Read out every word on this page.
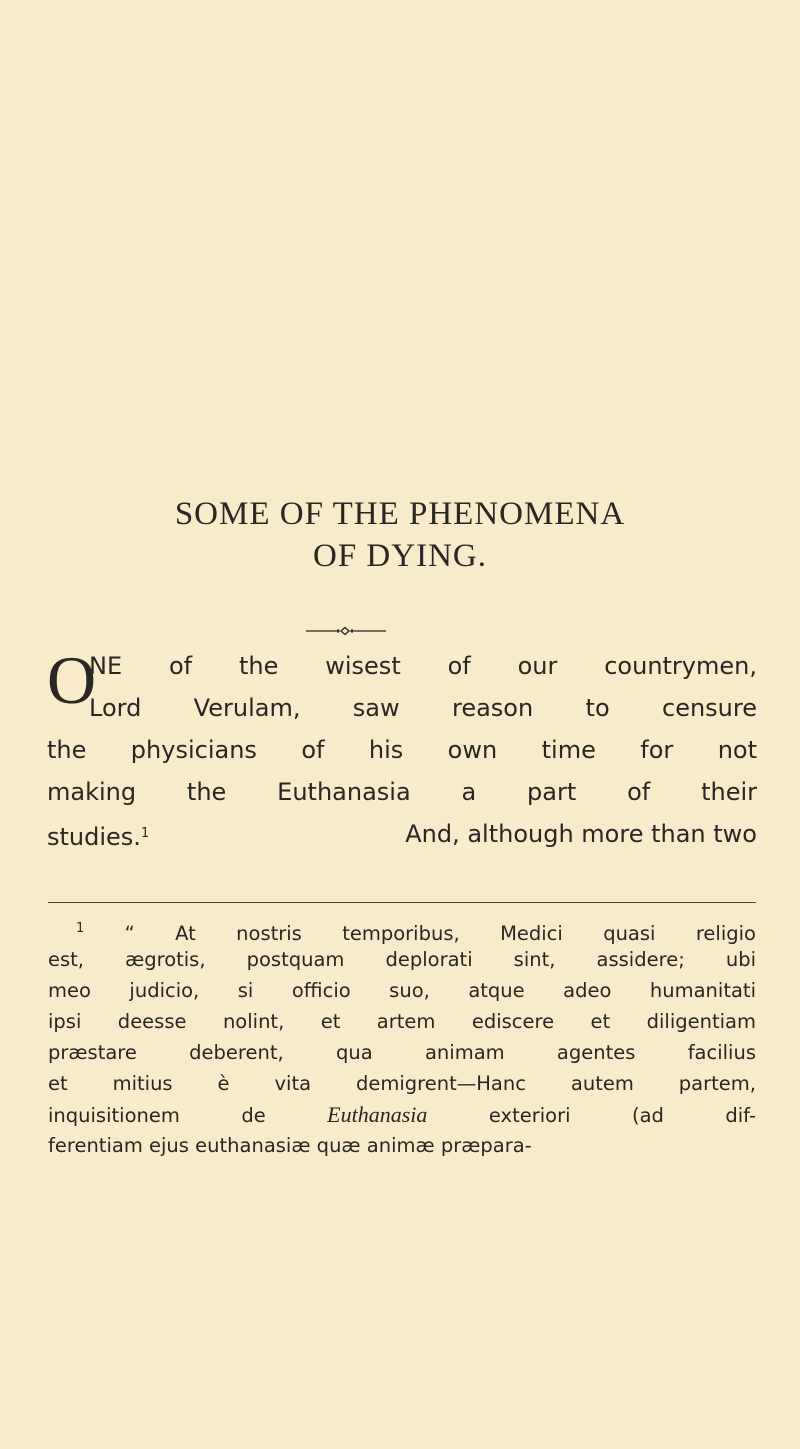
SOME OF THE PHENOMENA
OF DYING.
O
NE of the wisest of our countrymen,
Lord Verulam, saw reason to censure
the physicians of his own time for not
making the Euthanasia a part of their
studies.$^1$	And, although more than two
$^1$ “ At nostris temporibus, Medici quasi religio
est, ægrotis, postquam deplorati sint, assidere; ubi
meo judicio, si officio suo, atque adeo humanitati
ipsi deesse nolint, et artem ediscere et diligentiam
præstare deberent, qua animam agentes facilius
et mitius è vita demigrent—Hanc autem partem,
inquisitionem de	Euthanasia	exteriori (ad dif-
ferentiam ejus euthanasiæ quæ animæ præpara-
